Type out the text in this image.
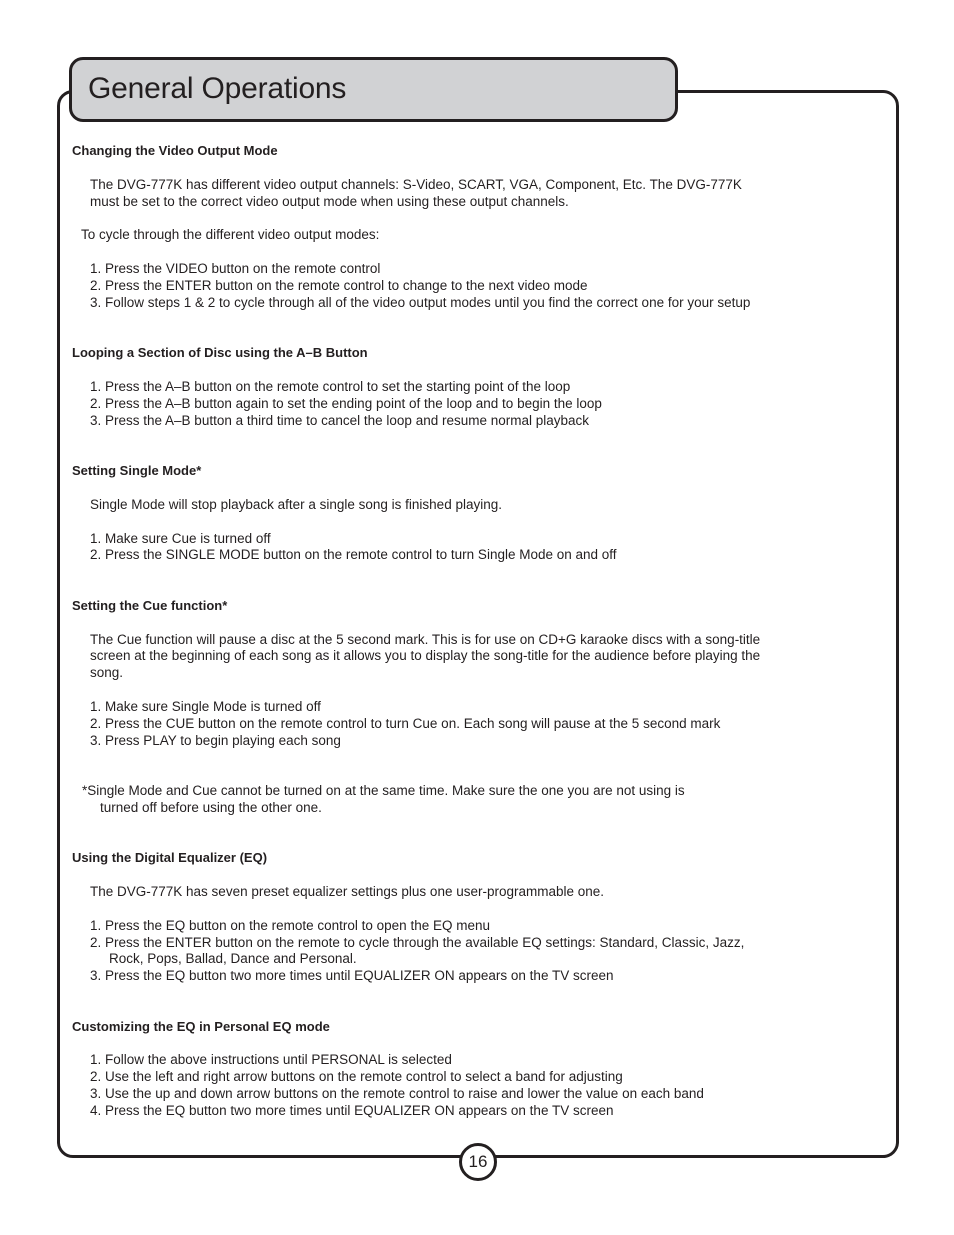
General Operations
Changing the Video Output Mode
The DVG-777K has different video output channels: S-Video, SCART, VGA, Component, Etc. The DVG-777K
must be set to the correct video output mode when using these output channels.
To cycle through the different video output modes:
1. Press the VIDEO button on the remote control
2. Press the ENTER button on the remote control to change to the next video mode
3. Follow steps 1 & 2 to cycle through all of the video output modes until you find the correct one for your setup
Looping a Section of Disc using the A–B Button
1. Press the A–B button on the remote control to set the starting point of the loop
2. Press the A–B button again to set the ending point of the loop and to begin the loop
3. Press the A–B button a third time to cancel the loop and resume normal playback
Setting Single Mode*
Single Mode will stop playback after a single song is finished playing.
1. Make sure Cue is turned off
2. Press the SINGLE MODE button on the remote control to turn Single Mode on and off
Setting the Cue function*
The Cue function will pause a disc at the 5 second mark. This is for use on CD+G karaoke discs with a song-title
screen at the beginning of each song as it allows you to display the song-title for the audience before playing the
song.
1. Make sure Single Mode is turned off
2. Press the CUE button on the remote control to turn Cue on. Each song will pause at the 5 second mark
3. Press PLAY to begin playing each song
*Single Mode and Cue cannot be turned on at the same time. Make sure the one you are not using is
turned off before using the other one.
Using the Digital Equalizer (EQ)
The DVG-777K has seven preset equalizer settings plus one user-programmable one.
1. Press the EQ button on the remote control to open the EQ menu
2. Press the ENTER button on the remote to cycle through the available EQ settings: Standard, Classic, Jazz,
Rock, Pops, Ballad, Dance and Personal.
3. Press the EQ button two more times until EQUALIZER ON appears on the TV screen
Customizing the EQ in Personal EQ mode
1. Follow the above instructions until PERSONAL is selected
2. Use the left and right arrow buttons on the remote control to select a band for adjusting
3. Use the up and down arrow buttons on the remote control to raise and lower the value on each band
4. Press the EQ button two more times until EQUALIZER ON appears on the TV screen
16
